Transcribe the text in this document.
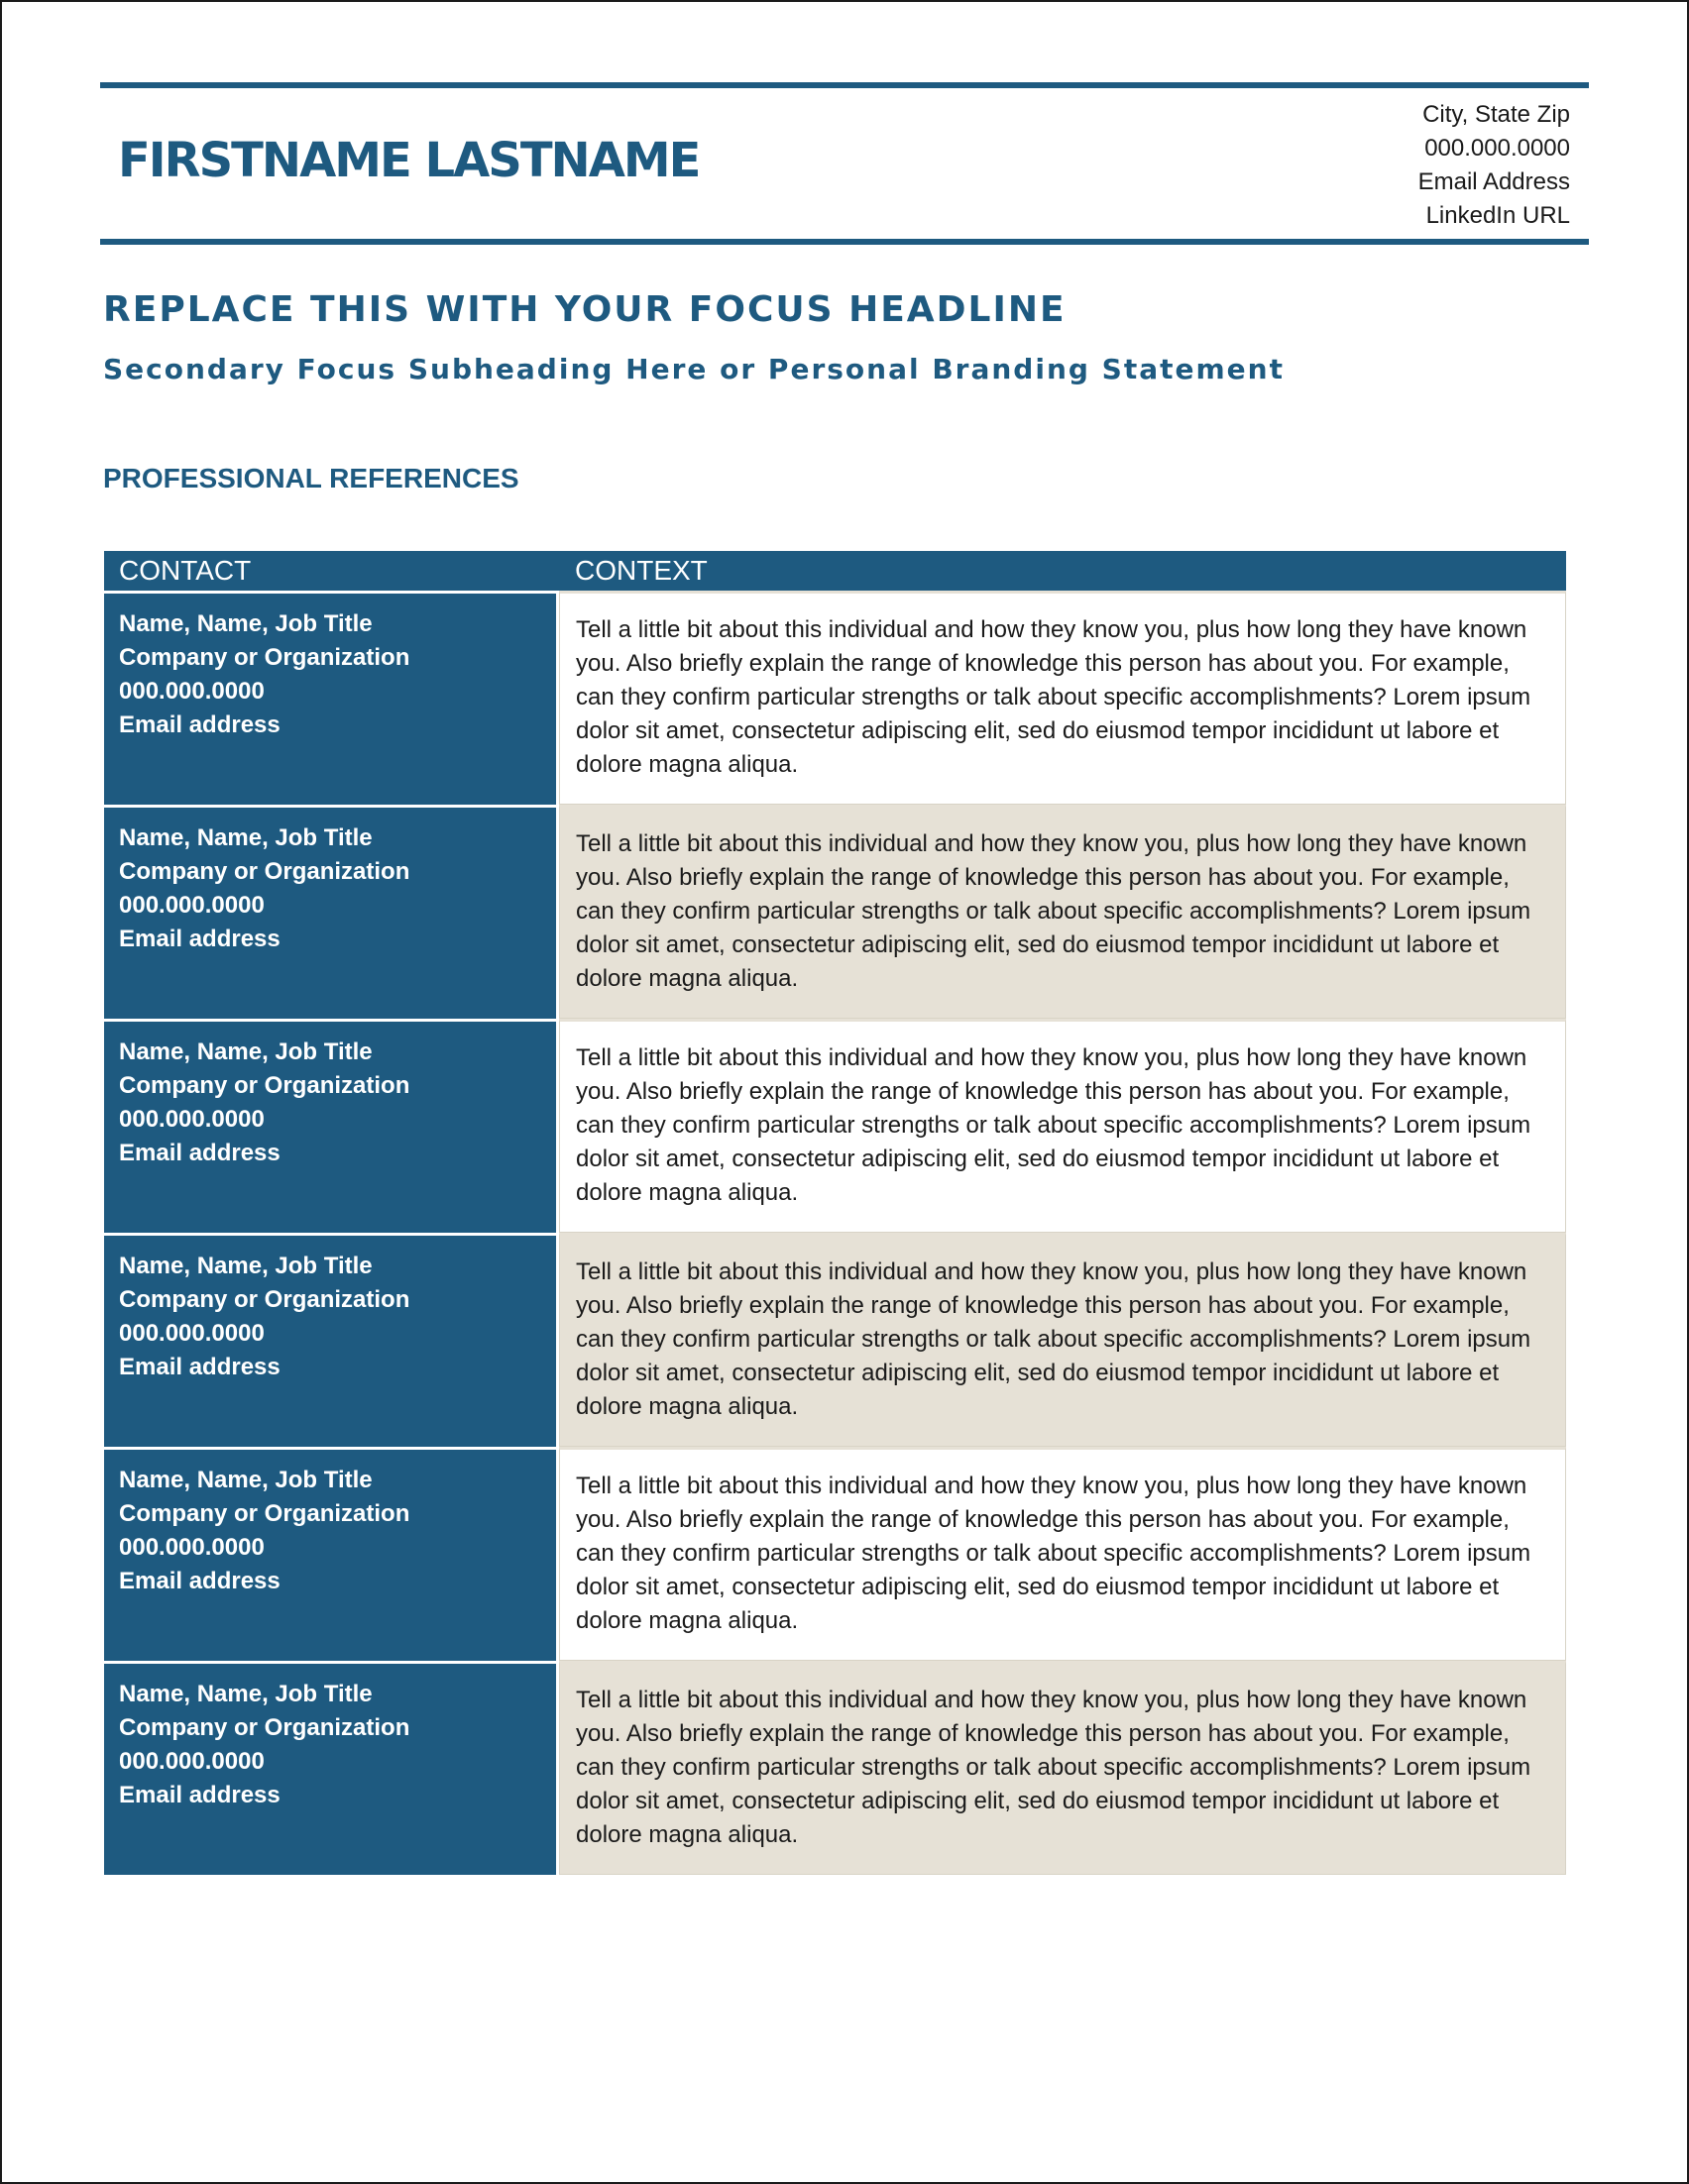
FIRSTNAME LASTNAME
City, State Zip
000.000.0000
Email Address
LinkedIn URL
REPLACE THIS WITH YOUR FOCUS HEADLINE
Secondary Focus Subheading Here or Personal Branding Statement
PROFESSIONAL REFERENCES
CONTACT	CONTEXT
Name, Name, Job Title
Company or Organization
000.000.0000
Email address
Tell a little bit about this individual and how they know you, plus how long they have known you. Also briefly explain the range of knowledge this person has about you. For example, can they confirm particular strengths or talk about specific accomplishments? Lorem ipsum dolor sit amet, consectetur adipiscing elit, sed do eiusmod tempor incididunt ut labore et dolore magna aliqua.
Name, Name, Job Title
Company or Organization
000.000.0000
Email address
Tell a little bit about this individual and how they know you, plus how long they have known you. Also briefly explain the range of knowledge this person has about you. For example, can they confirm particular strengths or talk about specific accomplishments? Lorem ipsum dolor sit amet, consectetur adipiscing elit, sed do eiusmod tempor incididunt ut labore et dolore magna aliqua.
Name, Name, Job Title
Company or Organization
000.000.0000
Email address
Tell a little bit about this individual and how they know you, plus how long they have known you. Also briefly explain the range of knowledge this person has about you. For example, can they confirm particular strengths or talk about specific accomplishments? Lorem ipsum dolor sit amet, consectetur adipiscing elit, sed do eiusmod tempor incididunt ut labore et dolore magna aliqua.
Name, Name, Job Title
Company or Organization
000.000.0000
Email address
Tell a little bit about this individual and how they know you, plus how long they have known you. Also briefly explain the range of knowledge this person has about you. For example, can they confirm particular strengths or talk about specific accomplishments? Lorem ipsum dolor sit amet, consectetur adipiscing elit, sed do eiusmod tempor incididunt ut labore et dolore magna aliqua.
Name, Name, Job Title
Company or Organization
000.000.0000
Email address
Tell a little bit about this individual and how they know you, plus how long they have known you. Also briefly explain the range of knowledge this person has about you. For example, can they confirm particular strengths or talk about specific accomplishments? Lorem ipsum dolor sit amet, consectetur adipiscing elit, sed do eiusmod tempor incididunt ut labore et dolore magna aliqua.
Name, Name, Job Title
Company or Organization
000.000.0000
Email address
Tell a little bit about this individual and how they know you, plus how long they have known you. Also briefly explain the range of knowledge this person has about you. For example, can they confirm particular strengths or talk about specific accomplishments? Lorem ipsum dolor sit amet, consectetur adipiscing elit, sed do eiusmod tempor incididunt ut labore et dolore magna aliqua.
